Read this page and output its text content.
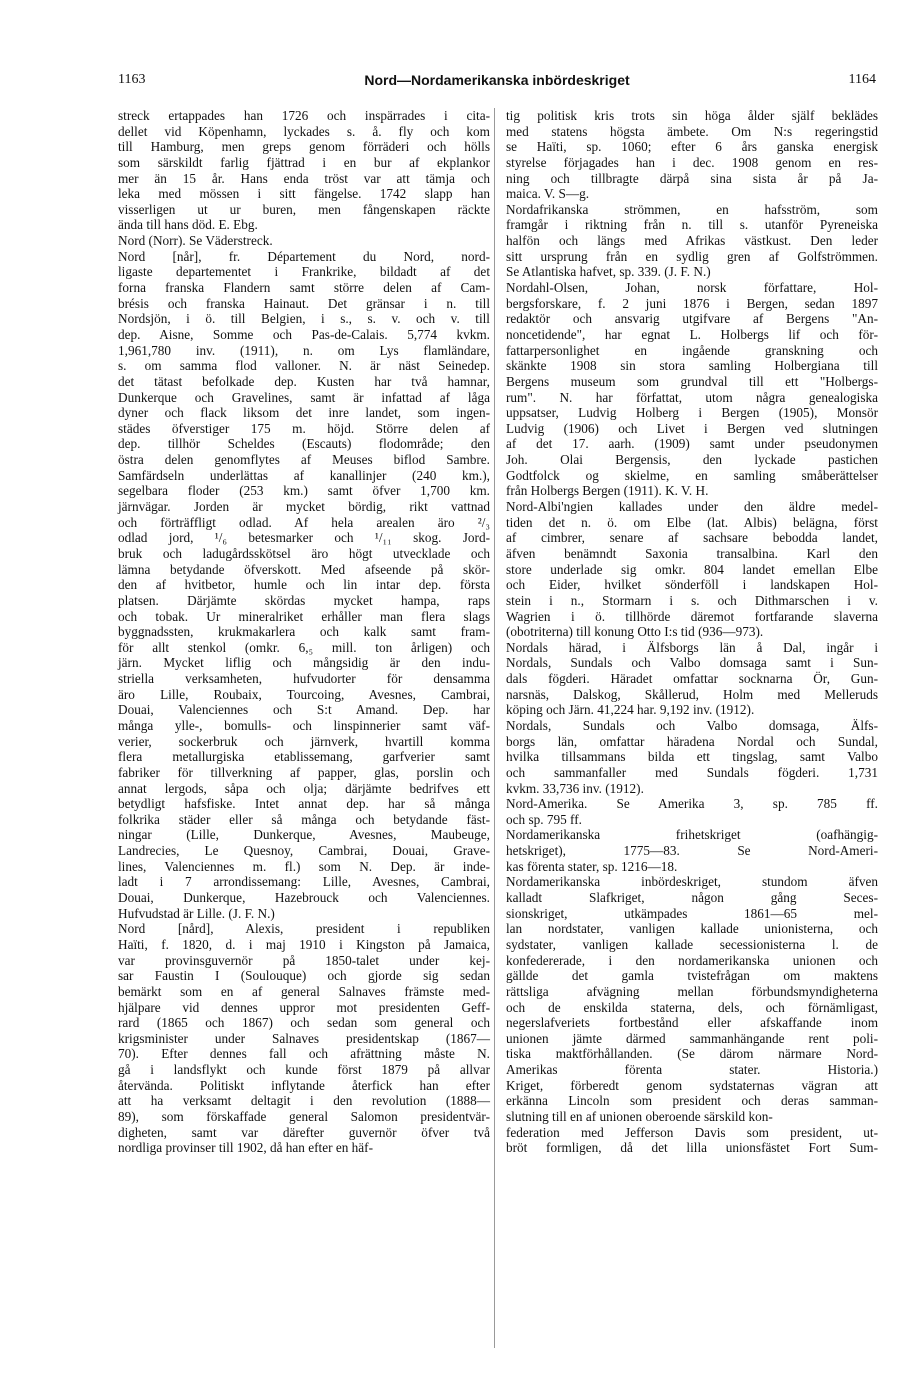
1163	Nord—Nordamerikanska inbördeskriget	1164
streck ertappades han 1726 och inspärrades i cita-
dellet vid Köpenhamn, lyckades s. å. fly och kom
till Hamburg, men greps genom förräderi och hölls
som särskildt farlig fjättrad i en bur af ekplankor
mer än 15 år. Hans enda tröst var att tämja och
leka med mössen i sitt fängelse. 1742 slapp han
visserligen ut ur buren, men fångenskapen räckte
ända till hans död. E. Ebg.
Nord (Norr). Se Väderstreck.
Nord [når], fr. Département du Nord, nord-
ligaste departementet i Frankrike, bildadt af det
forna franska Flandern samt större delen af Cam-
brésis och franska Hainaut. Det gränsar i n. till
Nordsjön, i ö. till Belgien, i s., s. v. och v. till
dep. Aisne, Somme och Pas-de-Calais. 5,774 kvkm.
1,961,780 inv. (1911), n. om Lys flamländare,
s. om samma flod valloner. N. är näst Seinedep.
det tätast befolkade dep. Kusten har två hamnar,
Dunkerque och Gravelines, samt är infattad af låga
dyner och flack liksom det inre landet, som ingen-
städes öfverstiger 175 m. höjd. Större delen af
dep. tillhör Scheldes (Escauts) flodområde; den
östra delen genomflytes af Meuses biflod Sambre.
Samfärdseln underlättas af kanallinjer (240 km.),
segelbara floder (253 km.) samt öfver 1,700 km.
järnvägar. Jorden är mycket bördig, rikt vattnad
och förträffligt odlad. Af hela arealen äro ²/₃
odlad jord, ¹/₆ betesmarker och ¹/₁₁ skog. Jord-
bruk och ladugårdsskötsel äro högt utvecklade och
lämna betydande öfverskott. Med afseende på skör-
den af hvitbetor, humle och lin intar dep. första
platsen. Därjämte skördas mycket hampa, raps
och tobak. Ur mineralriket erhåller man flera slags
byggnadssten, krukmakarlera och kalk samt fram-
för allt stenkol (omkr. 6,₅ mill. ton årligen) och
järn. Mycket liflig och mångsidig är den indu-
striella verksamheten, hufvudorter för densamma
äro Lille, Roubaix, Tourcoing, Avesnes, Cambrai,
Douai, Valenciennes och S:t Amand. Dep. har
många ylle-, bomulls- och linspinnerier samt väf-
verier, sockerbruk och järnverk, hvartill komma
flera metallurgiska etablissemang, garfverier samt
fabriker för tillverkning af papper, glas, porslin och
annat lergods, såpa och olja; därjämte bedrifves ett
betydligt hafsfiske. Intet annat dep. har så många
folkrika städer eller så många och betydande fäst-
ningar (Lille, Dunkerque, Avesnes, Maubeuge,
Landrecies, Le Quesnoy, Cambrai, Douai, Grave-
lines, Valenciennes m. fl.) som N. Dep. är inde-
ladt i 7 arrondissemang: Lille, Avesnes, Cambrai,
Douai, Dunkerque, Hazebrouck och Valenciennes.
Hufvudstad är Lille. (J. F. N.)
Nord [nård], Alexis, president i republiken
Haïti, f. 1820, d. i maj 1910 i Kingston på Jamaica,
var provinsguvernör på 1850-talet under kej-
sar Faustin I (Soulouque) och gjorde sig sedan
bemärkt som en af general Salnaves främste med-
hjälpare vid dennes uppror mot presidenten Geff-
rard (1865 och 1867) och sedan som general och
krigsminister under Salnaves presidentskap (1867—
70). Efter dennes fall och afrättning måste N.
gå i landsflykt och kunde först 1879 på allvar
återvända. Politiskt inflytande återfick han efter
att ha verksamt deltagit i den revolution (1888—
89), som förskaffade general Salomon presidentvär-
digheten, samt var därefter guvernör öfver två
nordliga provinser till 1902, då han efter en häf-
tig politisk kris trots sin höga ålder själf beklädes
med statens högsta ämbete. Om N:s regeringstid
se Haïti, sp. 1060; efter 6 års ganska energisk
styrelse förjagades han i dec. 1908 genom en res-
ning och tillbragte därpå sina sista år på Ja-
maica. V. S—g.
Nordafrikanska strömmen, en hafsström, som
framgår i riktning från n. till s. utanför Pyreneiska
halfön och längs med Afrikas västkust. Den leder
sitt ursprung från en sydlig gren af Golfströmmen.
Se Atlantiska hafvet, sp. 339. (J. F. N.)
Nordahl-Olsen, Johan, norsk författare, Hol-
bergsforskare, f. 2 juni 1876 i Bergen, sedan 1897
redaktör och ansvarig utgifvare af Bergens "An-
noncetidende", har egnat L. Holbergs lif och för-
fattarpersonlighet en ingående granskning och
skänkte 1908 sin stora samling Holbergiana till
Bergens museum som grundval till ett "Holbergs-
rum". N. har författat, utom några genealogiska
uppsatser, Ludvig Holberg i Bergen (1905), Monsör
Ludvig (1906) och Livet i Bergen ved slutningen
af det 17. aarh. (1909) samt under pseudonymen
Joh. Olai Bergensis, den lyckade pastichen
Godtfolck og skielme, en samling småberättelser
från Holbergs Bergen (1911). K. V. H.
Nord-Albi'ngien kallades under den äldre medel-
tiden det n. ö. om Elbe (lat. Albis) belägna, först
af cimbrer, senare af sachsare bebodda landet,
äfven benämndt Saxonia transalbina. Karl den
store underlade sig omkr. 804 landet emellan Elbe
och Eider, hvilket sönderföll i landskapen Hol-
stein i n., Stormarn i s. och Dithmarschen i v.
Wagrien i ö. tillhörde däremot fortfarande slaverna
(obotriterna) till konung Otto I:s tid (936—973).
Nordals härad, i Älfsborgs län å Dal, ingår i
Nordals, Sundals och Valbo domsaga samt i Sun-
dals fögderi. Häradet omfattar socknarna Ör, Gun-
narsnäs, Dalskog, Skållerud, Holm med Melleruds
köping och Järn. 41,224 har. 9,192 inv. (1912).
Nordals, Sundals och Valbo domsaga, Älfs-
borgs län, omfattar häradena Nordal och Sundal,
hvilka tillsammans bilda ett tingslag, samt Valbo
och sammanfaller med Sundals fögderi. 1,731
kvkm. 33,736 inv. (1912).
Nord-Amerika. Se Amerika 3, sp. 785 ff.
och sp. 795 ff.
Nordamerikanska frihetskriget (oafhängig-
hetskriget), 1775—83. Se Nord-Ameri-
kas förenta stater, sp. 1216—18.
Nordamerikanska inbördeskriget, stundom äfven
kalladt Slafkriget, någon gång Seces-
sionskriget, utkämpades 1861—65 mel-
lan nordstater, vanligen kallade unionisterna, och
sydstater, vanligen kallade secessionisterna l. de
konfedererade, i den nordamerikanska unionen och
gällde det gamla tvistefrågan om maktens
rättsliga afvägning mellan förbundsmyndigheterna
och de enskilda staterna, dels, och förnämligast,
negerslafveriets fortbestånd eller afskaffande inom
unionen jämte därmed sammanhängande rent poli-
tiska maktförhållanden. (Se därom närmare Nord-
Amerikas förenta stater. Historia.)
Kriget, förberedt genom sydstaternas vägran att
erkänna Lincoln som president och deras samman-
slutning till en af unionen oberoende särskild kon-
federation med Jefferson Davis som president, ut-
bröt formligen, då det lilla unionsfästet Fort Sum-
